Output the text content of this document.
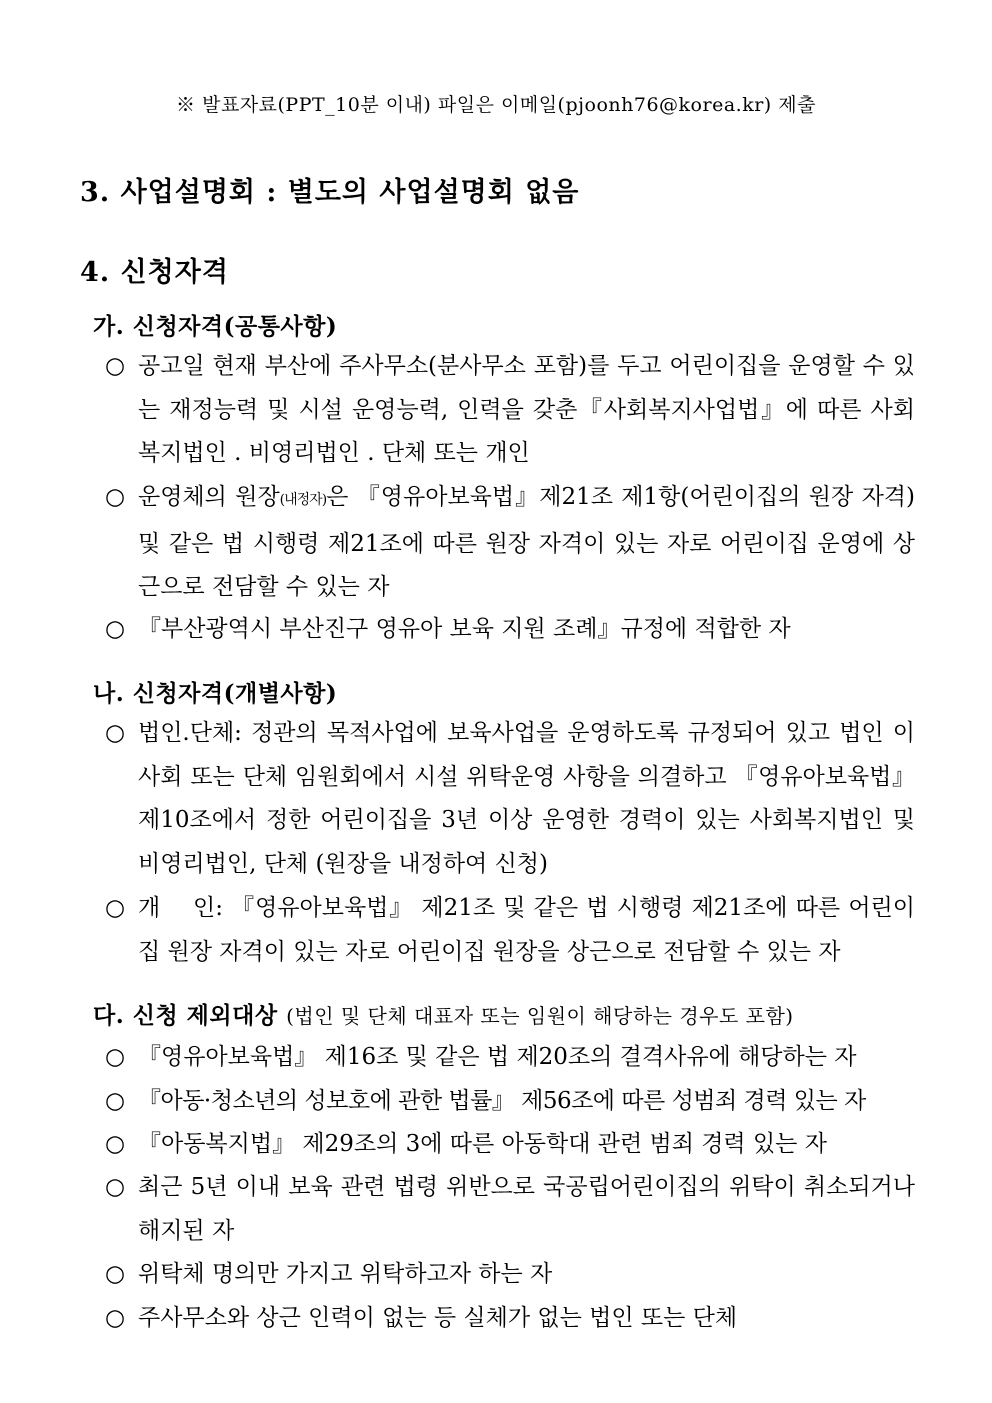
※ 발표자료(PPT_10분 이내) 파일은 이메일(pjoonh76@korea.kr) 제출
3. 사업설명회 : 별도의 사업설명회 없음
4. 신청자격
가. 신청자격(공통사항)
○ 공고일 현재 부산에 주사무소(분사무소 포함)를 두고 어린이집을 운영할 수 있는 재정능력 및 시설 운영능력, 인력을 갖춘『사회복지사업법』에 따른 사회복지법인 . 비영리법인 . 단체 또는 개인
○ 운영체의 원장(내정자)은 『영유아보육법』제21조 제1항(어린이집의 원장 자격) 및 같은 법 시행령 제21조에 따른 원장 자격이 있는 자로 어린이집 운영에 상근으로 전담할 수 있는 자
○ 『부산광역시 부산진구 영유아 보육 지원 조례』규정에 적합한 자
나. 신청자격(개별사항)
○ 법인.단체: 정관의 목적사업에 보육사업을 운영하도록 규정되어 있고 법인 이사회 또는 단체 임원회에서 시설 위탁운영 사항을 의결하고 『영유아보육법』 제10조에서 정한 어린이집을 3년 이상 운영한 경력이 있는 사회복지법인 및 비영리법인, 단체 (원장을 내정하여 신청)
○ 개    인: 『영유아보육법』 제21조 및 같은 법 시행령 제21조에 따른 어린이집 원장 자격이 있는 자로 어린이집 원장을 상근으로 전담할 수 있는 자
다. 신청 제외대상 (법인 및 단체 대표자 또는 임원이 해당하는 경우도 포함)
○ 『영유아보육법』 제16조 및 같은 법 제20조의 결격사유에 해당하는 자
○ 『아동·청소년의 성보호에 관한 법률』 제56조에 따른 성범죄 경력 있는 자
○ 『아동복지법』 제29조의 3에 따른 아동학대 관련 범죄 경력 있는 자
○ 최근 5년 이내 보육 관련 법령 위반으로 국공립어린이집의 위탁이 취소되거나 해지된 자
○ 위탁체 명의만 가지고 위탁하고자 하는 자
○ 주사무소와 상근 인력이 없는 등 실체가 없는 법인 또는 단체
